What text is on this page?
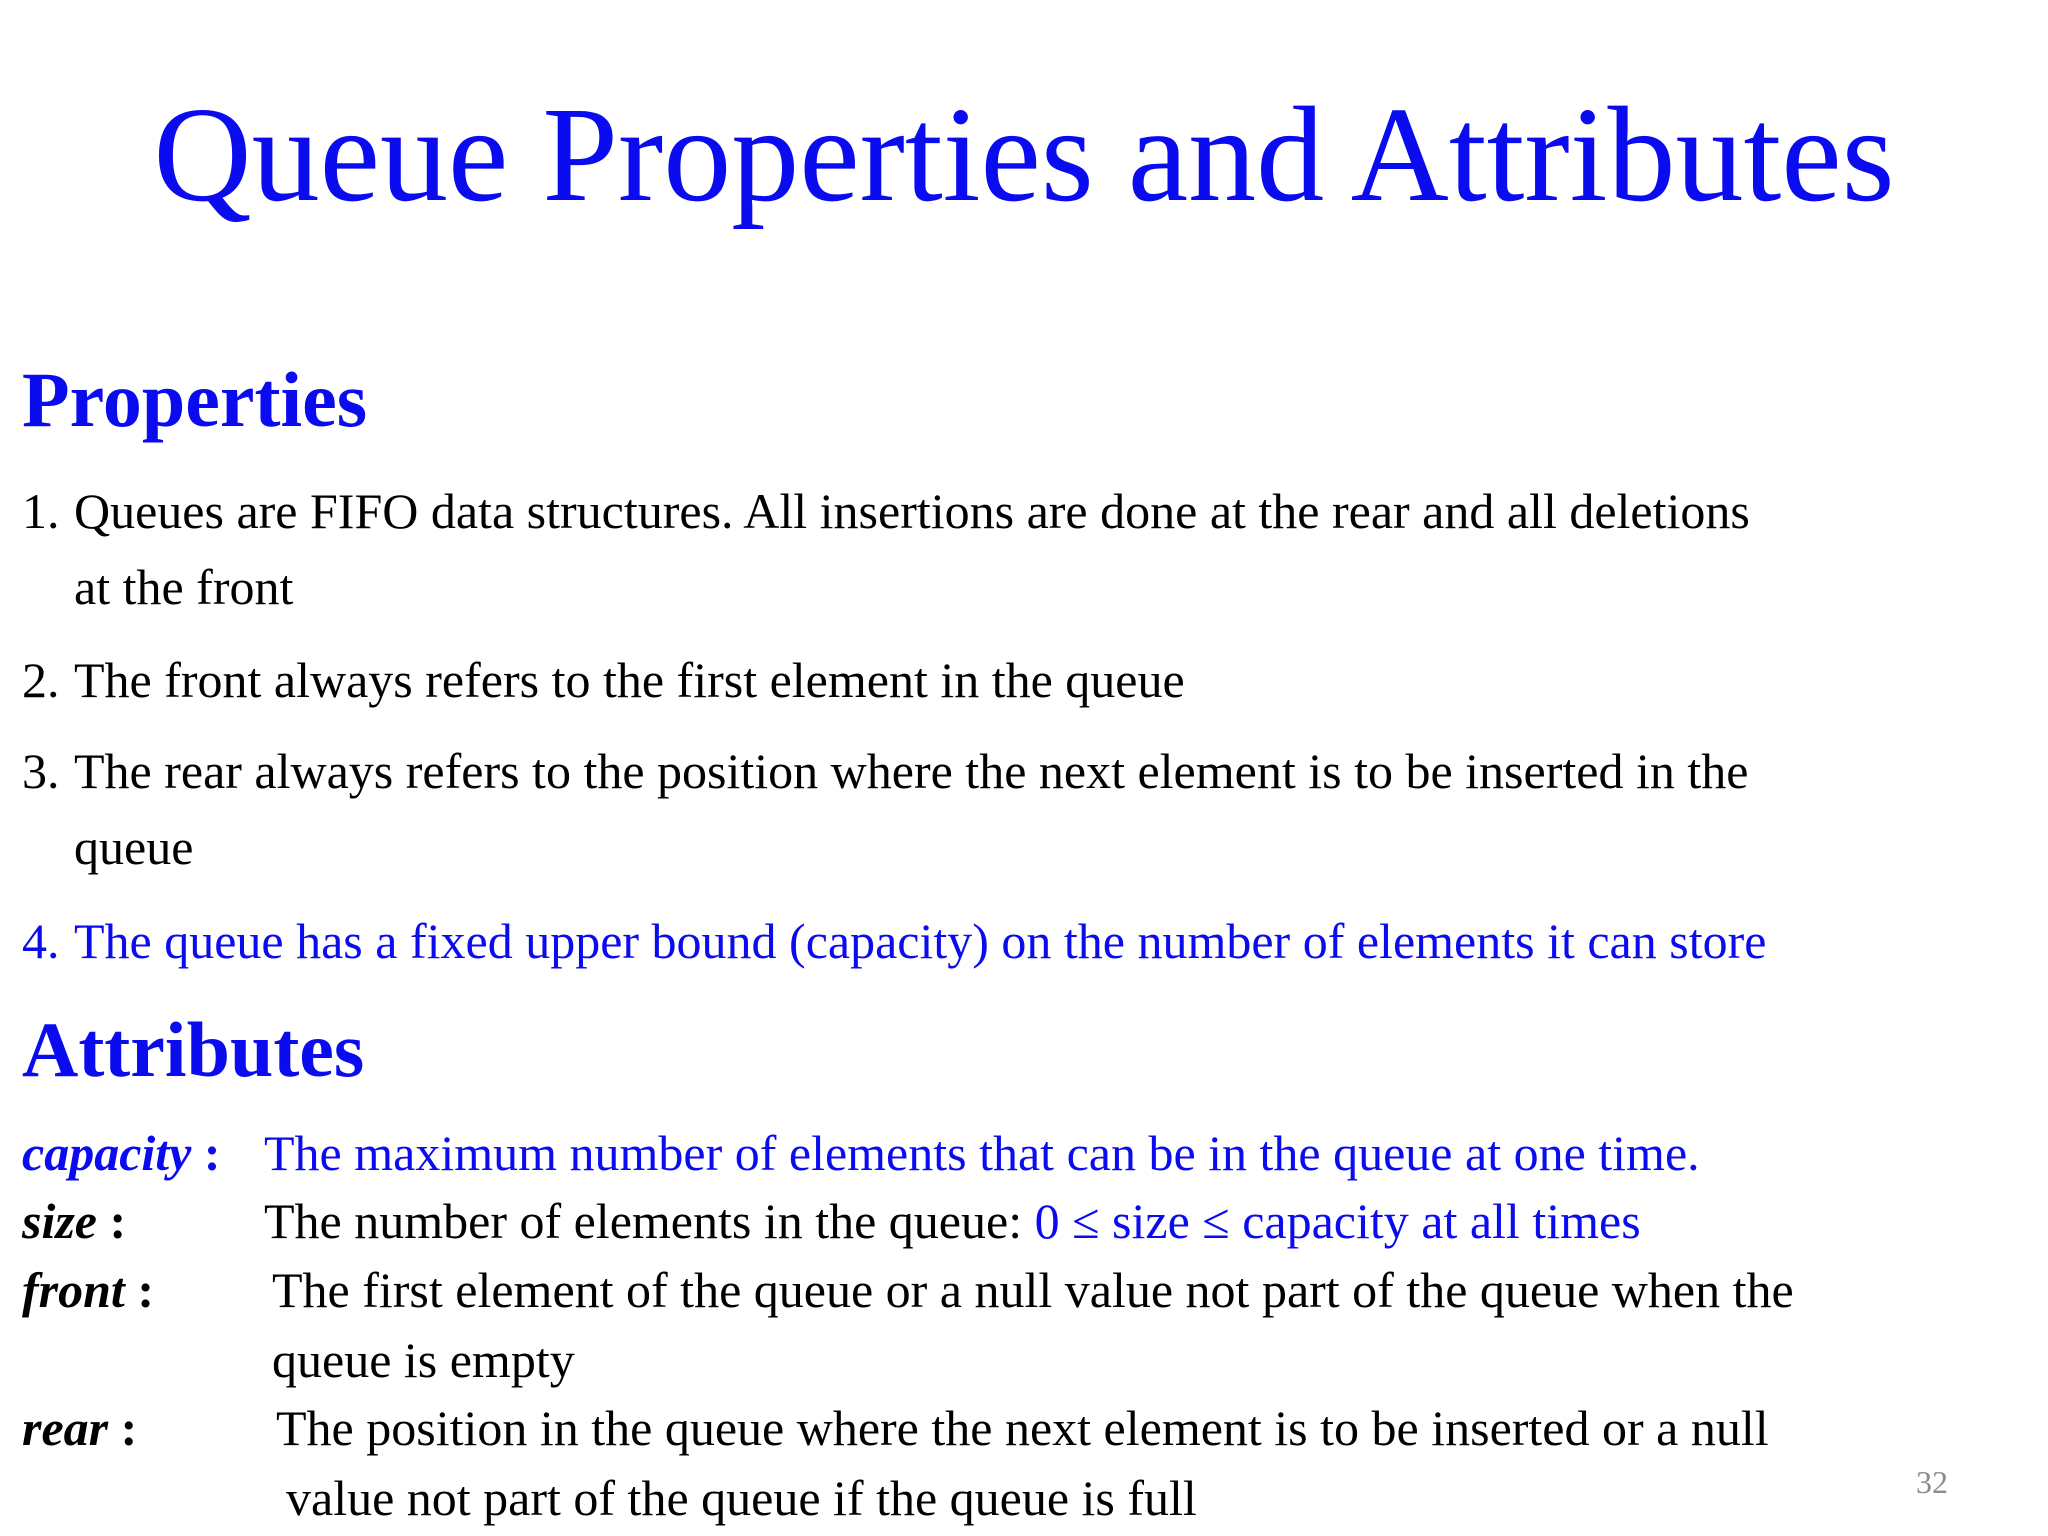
Queue Properties and Attributes
Properties
1. Queues are FIFO data structures. All insertions are done at the rear and all deletions
at the front
2. The front always refers to the first element in the queue
3. The rear always refers to the position where the next element is to be inserted in the
queue
4. The queue has a fixed upper bound (capacity) on the number of elements it can store
Attributes
capacity : The maximum number of elements that can be in the queue at one time.
size :	The number of elements in the queue: 0 ≤ size ≤ capacity at all times
front : The first element of the queue or a null value not part of the queue when the
queue is empty
rear :	The position in the queue where the next element is to be inserted or a null
value not part of the queue if the queue is full	32
